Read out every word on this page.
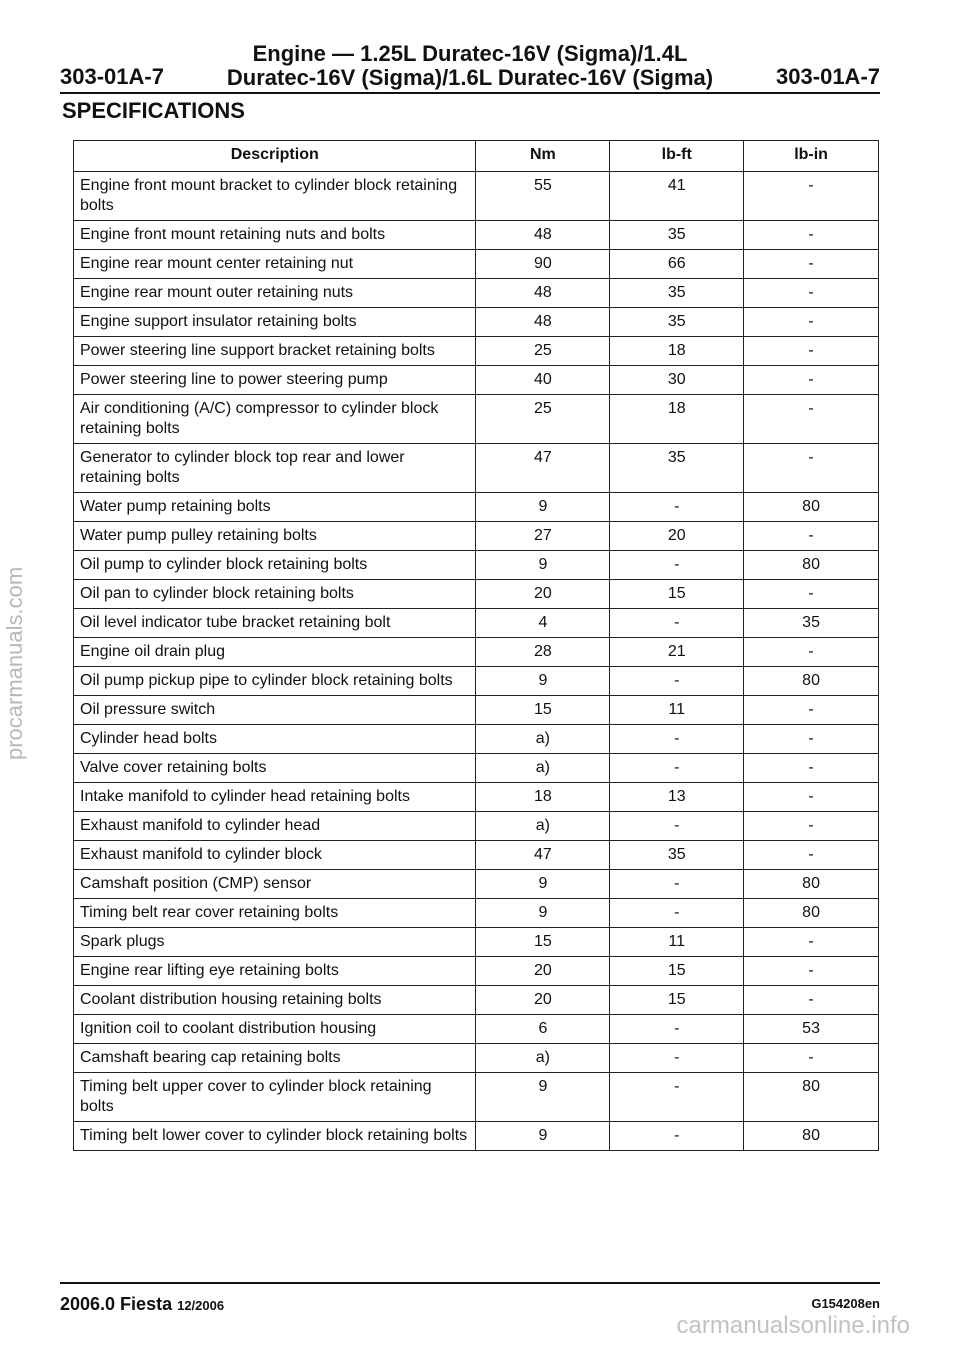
Engine — 1.25L Duratec-16V (Sigma)/1.4L
Duratec-16V (Sigma)/1.6L Duratec-16V (Sigma)
303-01A-7	303-01A-7
SPECIFICATIONS
Description	Nm	lb-ft	lb-in
Engine front mount bracket to cylinder block retaining bolts	55	41	-
Engine front mount retaining nuts and bolts	48	35	-
Engine rear mount center retaining nut	90	66	-
Engine rear mount outer retaining nuts	48	35	-
Engine support insulator retaining bolts	48	35	-
Power steering line support bracket retaining bolts	25	18	-
Power steering line to power steering pump	40	30	-
Air conditioning (A/C) compressor to cylinder block retaining bolts	25	18	-
Generator to cylinder block top rear and lower retaining bolts	47	35	-
Water pump retaining bolts	9	-	80
Water pump pulley retaining bolts	27	20	-
Oil pump to cylinder block retaining bolts	9	-	80
Oil pan to cylinder block retaining bolts	20	15	-
Oil level indicator tube bracket retaining bolt	4	-	35
Engine oil drain plug	28	21	-
Oil pump pickup pipe to cylinder block retaining bolts	9	-	80
Oil pressure switch	15	11	-
Cylinder head bolts	a)	-	-
Valve cover retaining bolts	a)	-	-
Intake manifold to cylinder head retaining bolts	18	13	-
Exhaust manifold to cylinder head	a)	-	-
Exhaust manifold to cylinder block	47	35	-
Camshaft position (CMP) sensor	9	-	80
Timing belt rear cover retaining bolts	9	-	80
Spark plugs	15	11	-
Engine rear lifting eye retaining bolts	20	15	-
Coolant distribution housing retaining bolts	20	15	-
Ignition coil to coolant distribution housing	6	-	53
Camshaft bearing cap retaining bolts	a)	-	-
Timing belt upper cover to cylinder block retaining bolts	9	-	80
Timing belt lower cover to cylinder block retaining bolts	9	-	80
2006.0 Fiesta 12/2006	G154208en
procarmanuals.com
carmanualsonline.info
